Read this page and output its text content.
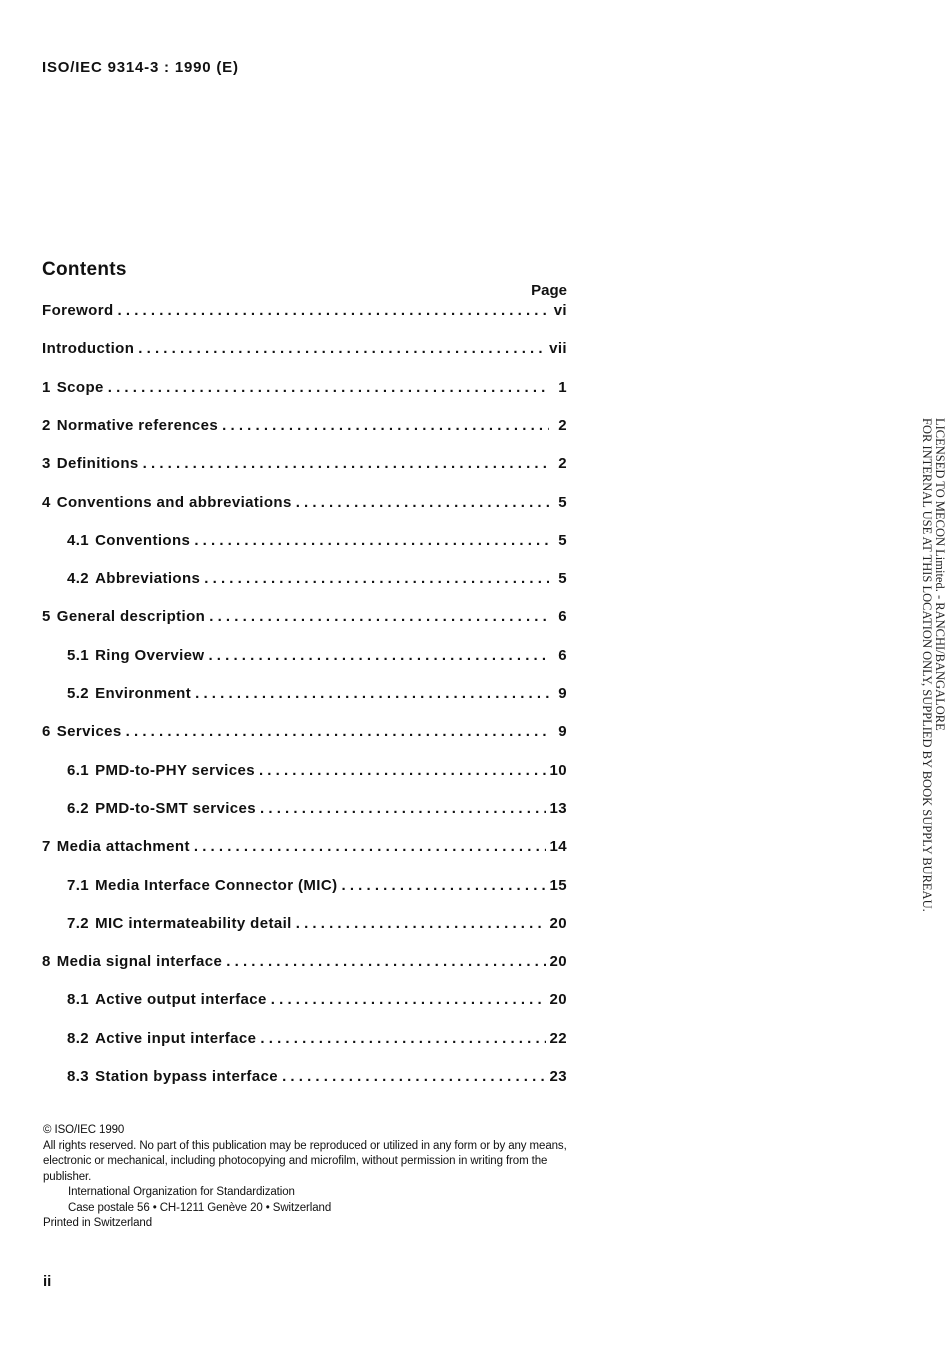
ISO/IEC 9314-3 : 1990 (E)
Contents
Page
Foreword . . .	vi
Introduction . . .	vii
1 Scope . . .	1
2 Normative references . . .	2
3 Definitions . . .	2
4 Conventions and abbreviations . . .	5
4.1 Conventions . . .	5
4.2 Abbreviations . . .	5
5 General description . . .	6
5.1 Ring Overview . . .	6
5.2 Environment . . .	9
6 Services . . .	9
6.1 PMD-to-PHY services . . .	10
6.2 PMD-to-SMT services . . .	13
7 Media attachment . . .	14
7.1 Media Interface Connector (MIC) . . .	15
7.2 MIC intermateability detail . . .	20
8 Media signal interface . . .	20
8.1 Active output interface . . .	20
8.2 Active input interface . . .	22
8.3 Station bypass interface . . .	23

© ISO/IEC 1990

All rights reserved. No part of this publication may be reproduced or utilized in any form or by any means, electronic or mechanical, including photocopying and microfilm, without permission in writing from the publisher.

International Organization for Standardization

Case postale 56 • CH-1211 Genève 20 • Switzerland

Printed in Switzerland

ii
LICENSED TO MECON Limited. - RANCHI/BANGALORE
FOR INTERNAL USE AT THIS LOCATION ONLY, SUPPLIED BY BOOK SUPPLY BUREAU.
